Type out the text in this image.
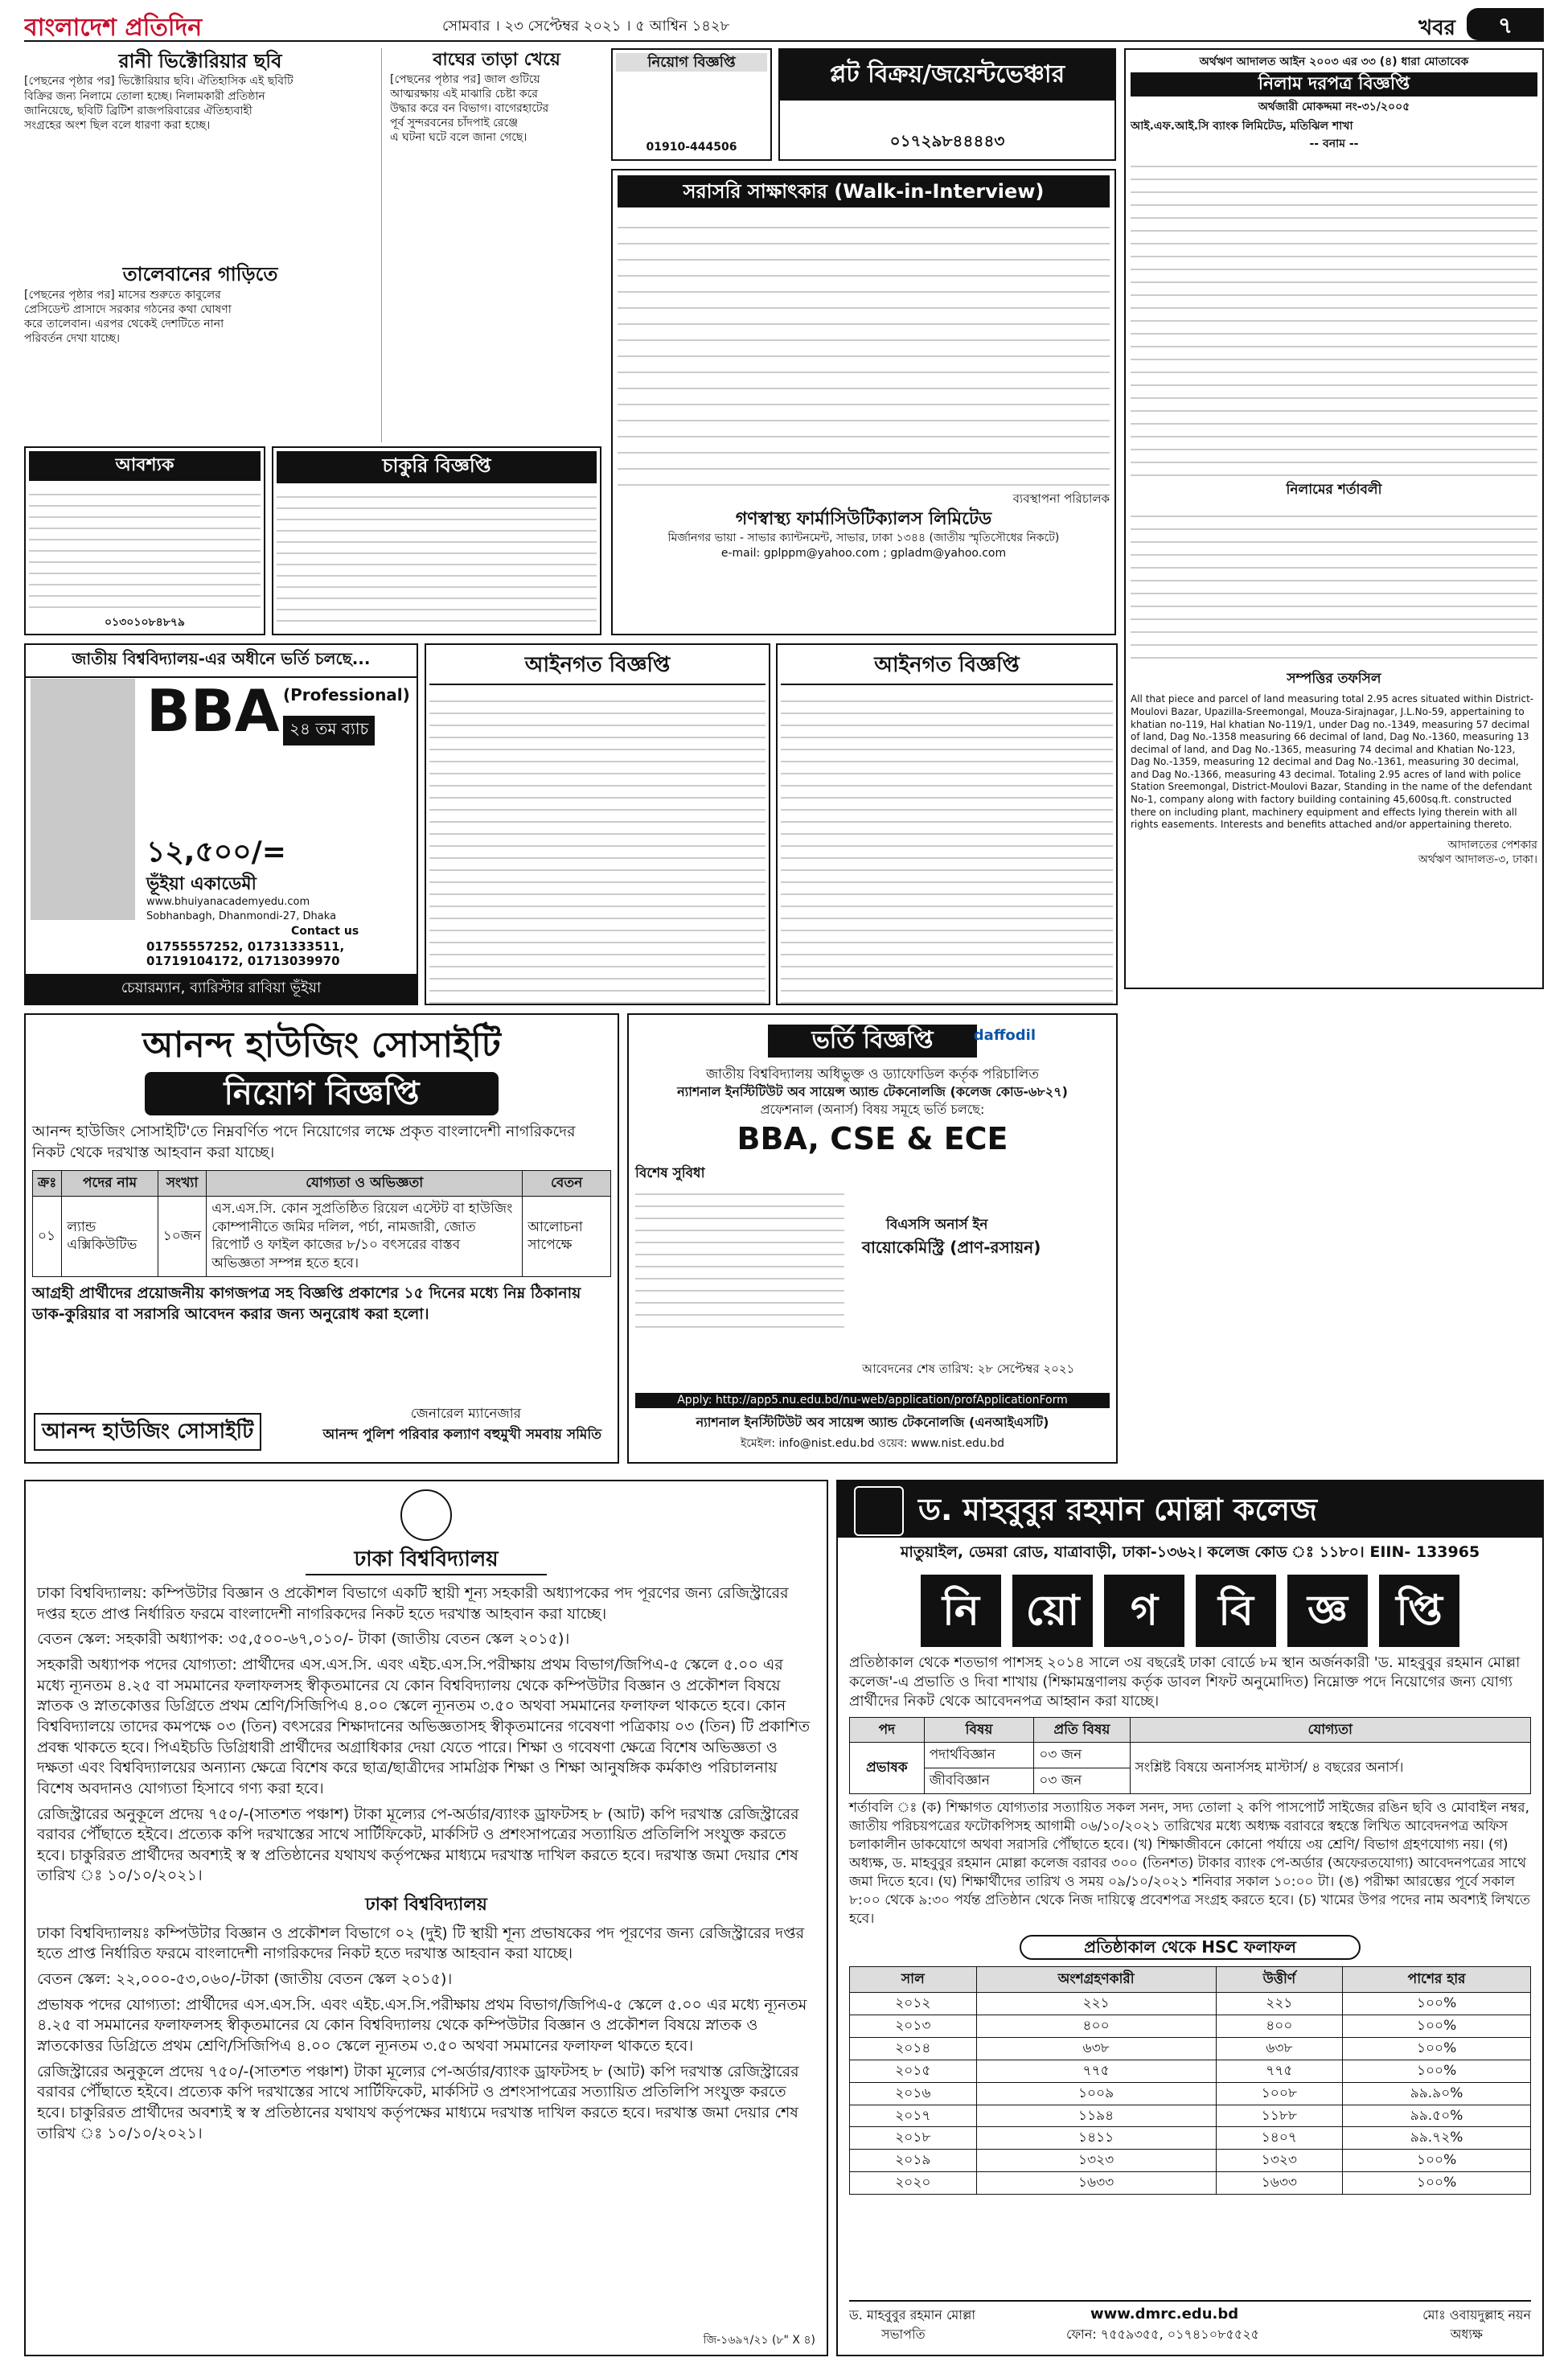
বাংলাদেশ প্রতিদিন	সোমবার । ২৩ সেপ্টেম্বর ২০২১ । ৫ আশ্বিন ১৪২৮	খবর	৭
রানী ভিক্টোরিয়ার ছবি
[পেছনের পৃষ্ঠার পর] ভিক্টোরিয়ার ছবি। ঐতিহাসিক এই ছবিটি
বিক্রির জন্য নিলামে তোলা হচ্ছে। নিলামকারী প্রতিষ্ঠান
জানিয়েছে, ছবিটি ব্রিটিশ রাজপরিবারের ঐতিহ্যবাহী
সংগ্রহের অংশ ছিল বলে ধারণা করা হচ্ছে।
তালেবানের গাড়িতে
[পেছনের পৃষ্ঠার পর] মাসের শুরুতে কাবুলের
প্রেসিডেন্ট প্রাসাদে সরকার গঠনের কথা ঘোষণা
করে তালেবান। এরপর থেকেই দেশটিতে নানা
পরিবর্তন দেখা যাচ্ছে।
বাঘের তাড়া খেয়ে
[পেছনের পৃষ্ঠার পর] জাল গুটিয়ে
আত্মরক্ষায় এই মাঝারি চেষ্টা করে
উদ্ধার করে বন বিভাগ। বাগেরহাটের
পূর্ব সুন্দরবনের চাঁদপাই রেঞ্জে
এ ঘটনা ঘটে বলে জানা গেছে।
নিয়োগ বিজ্ঞপ্তি
01910-444506
প্লট বিক্রয়/জয়েন্টভেঞ্চার
০১৭২৯৮৪৪৪৪৩
অর্থঋণ আদালত আইন ২০০৩ এর ৩৩ (৪) ধারা মোতাবেক
নিলাম দরপত্র বিজ্ঞপ্তি
অর্থজারী মোকদ্দমা নং-৩১/২০০৫
আই.এফ.আই.সি ব্যাংক লিমিটেড, মতিঝিল শাখা
-- বনাম --
নিলামের শর্তাবলী
সম্পত্তির তফসিল
All that piece and parcel of land measuring total 2.95 acres situated within District-Moulovi Bazar, Upazilla-Sreemongal, Mouza-Sirajnagar, J.L.No-59, appertaining to khatian no-119, Hal khatian No-119/1, under Dag no.-1349, measuring 57 decimal of land, Dag No.-1358 measuring 66 decimal of land, Dag No.-1360, measuring 13 decimal of land, and Dag No.-1365, measuring 74 decimal and Khatian No-123, Dag No.-1359, measuring 12 decimal and Dag No.-1361, measuring 30 decimal, and Dag No.-1366, measuring 43 decimal. Totaling 2.95 acres of land with police Station Sreemongal, District-Moulovi Bazar, Standing in the name of the defendant No-1, company along with factory building containing 45,600sq.ft. constructed there on including plant, machinery equipment and effects lying therein with all rights easements. Interests and benefits attached and/or appertaining thereto.
আদালতের পেশকার
অর্থঋণ আদালত-৩, ঢাকা।
আবশ্যক
০১৩০১০৮৪৮৭৯
চাকুরি বিজ্ঞপ্তি
সরাসরি সাক্ষাৎকার (Walk-in-Interview)
ব্যবস্থাপনা পরিচালক
গণস্বাস্থ্য ফার্মাসিউটিক্যালস লিমিটেড
মির্জানগর ভায়া - সাভার ক্যান্টনমেন্ট, সাভার, ঢাকা ১৩৪৪ (জাতীয় স্মৃতিসৌধের নিকটে)
e-mail: gplppm@yahoo.com ; gpladm@yahoo.com
জাতীয় বিশ্ববিদ্যালয়-এর অধীনে ভর্তি চলছে...
BBA (Professional)
২৪ তম ব্যাচ
১২,৫০০/=
ভূঁইয়া একাডেমী
www.bhuiyanacademyedu.com
Sobhanbagh, Dhanmondi-27, Dhaka
Contact us
01755557252, 01731333511, 01719104172, 01713039970
চেয়ারম্যান, ব্যারিস্টার রাবিয়া ভূঁইয়া
আইনগত বিজ্ঞপ্তি	আইনগত বিজ্ঞপ্তি
আনন্দ হাউজিং সোসাইটি
নিয়োগ বিজ্ঞপ্তি
আনন্দ হাউজিং সোসাইটি'তে নিম্নবর্ণিত পদে নিয়োগের লক্ষে প্রকৃত বাংলাদেশী নাগরিকদের নিকট থেকে দরখাস্ত আহবান করা যাচ্ছে।
ক্রঃ	পদের নাম	সংখ্যা	যোগ্যতা ও অভিজ্ঞতা	বেতন
০১	ল্যান্ড এক্সিকিউটিভ	১০জন	এস.এস.সি. কোন সুপ্রতিষ্ঠিত রিয়েল এস্টেট বা হাউজিং কোম্পানীতে জমির দলিল, পর্চা, নামজারী, জোত রিপোর্ট ও ফাইল কাজের ৮/১০ বৎসরের বাস্তব অভিজ্ঞতা সম্পন্ন হতে হবে।	আলোচনা সাপেক্ষে
আগ্রহী প্রার্থীদের প্রয়োজনীয় কাগজপত্র সহ বিজ্ঞপ্তি প্রকাশের ১৫ দিনের মধ্যে নিম্ন ঠিকানায় ডাক-কুরিয়ার বা সরাসরি আবেদন করার জন্য অনুরোধ করা হলো।
আনন্দ হাউজিং সোসাইটি
জেনারেল ম্যানেজার
আনন্দ পুলিশ পরিবার কল্যাণ বহুমুখী সমবায় সমিতি
ভর্তি বিজ্ঞপ্তি	daffodil
জাতীয় বিশ্ববিদ্যালয় অধিভুক্ত ও ড্যাফোডিল কর্তৃক পরিচালিত
ন্যাশনাল ইনস্টিটিউট অব সায়েন্স অ্যান্ড টেকনোলজি (কলেজ কোড-৬৮২৭)
প্রফেশনাল (অনার্স) বিষয় সমূহে ভর্তি চলছে:
BBA, CSE & ECE
বিশেষ সুবিধা
বিএসসি অনার্স ইন
বায়োকেমিস্ট্রি (প্রাণ-রসায়ন)
আবেদনের শেষ তারিখ: ২৮ সেপ্টেম্বর ২০২১
Apply: http://app5.nu.edu.bd/nu-web/application/profApplicationForm
ন্যাশনাল ইনস্টিটিউট অব সায়েন্স অ্যান্ড টেকনোলজি (এনআইএসটি)
ইমেইল: info@nist.edu.bd ওয়েব: www.nist.edu.bd
ঢাকা বিশ্ববিদ্যালয়

ঢাকা বিশ্ববিদ্যালয়: কম্পিউটার বিজ্ঞান ও প্রকৌশল বিভাগে একটি স্থায়ী শূন্য সহকারী অধ্যাপকের পদ পূরণের জন্য রেজিস্ট্রারের দপ্তর হতে প্রাপ্ত নির্ধারিত ফরমে বাংলাদেশী নাগরিকদের নিকট হতে দরখাস্ত আহবান করা যাচ্ছে।

বেতন স্কেল: সহকারী অধ্যাপক: ৩৫,৫০০-৬৭,০১০/- টাকা (জাতীয় বেতন স্কেল ২০১৫)।

সহকারী অধ্যাপক পদের যোগ্যতা: প্রার্থীদের এস.এস.সি. এবং এইচ.এস.সি.পরীক্ষায় প্রথম বিভাগ/জিপিএ-৫ স্কেলে ৫.০০ এর মধ্যে ন্যূনতম ৪.২৫ বা সমমানের ফলাফলসহ স্বীকৃতমানের যে কোন বিশ্ববিদ্যালয় থেকে কম্পিউটার বিজ্ঞান ও প্রকৌশল বিষয়ে স্নাতক ও স্নাতকোত্তর ডিগ্রিতে প্রথম শ্রেণি/সিজিপিএ ৪.০০ স্কেলে ন্যূনতম ৩.৫০ অথবা সমমানের ফলাফল থাকতে হবে। কোন বিশ্ববিদ্যালয়ে তাদের কমপক্ষে ০৩ (তিন) বৎসরের শিক্ষাদানের অভিজ্ঞতাসহ স্বীকৃতমানের গবেষণা পত্রিকায় ০৩ (তিন) টি প্রকাশিত প্রবন্ধ থাকতে হবে। পিএইচডি ডিগ্রিধারী প্রার্থীদের অগ্রাধিকার দেয়া যেতে পারে। শিক্ষা ও গবেষণা ক্ষেত্রে বিশেষ অভিজ্ঞতা ও দক্ষতা এবং বিশ্ববিদ্যালয়ের অন্যান্য ক্ষেত্রে বিশেষ করে ছাত্র/ছাত্রীদের সামগ্রিক শিক্ষা ও শিক্ষা আনুষঙ্গিক কর্মকাণ্ড পরিচালনায় বিশেষ অবদানও যোগ্যতা হিসাবে গণ্য করা হবে।

রেজিস্ট্রারের অনুকূলে প্রদেয় ৭৫০/-(সাতশত পঞ্চাশ) টাকা মূল্যের পে-অর্ডার/ব্যাংক ড্রাফটসহ ৮ (আট) কপি দরখাস্ত রেজিস্ট্রারের বরাবর পৌঁছাতে হইবে। প্রত্যেক কপি দরখাস্তের সাথে সার্টিফিকেট, মার্কসিট ও প্রশংসাপত্রের সত্যায়িত প্রতিলিপি সংযুক্ত করতে হবে। চাকুরিরত প্রার্থীদের অবশ্যই স্ব স্ব প্রতিষ্ঠানের যথাযথ কর্তৃপক্ষের মাধ্যমে দরখাস্ত দাখিল করতে হবে। দরখাস্ত জমা দেয়ার শেষ তারিখ ঃ ১০/১০/২০২১।

ঢাকা বিশ্ববিদ্যালয়

ঢাকা বিশ্ববিদ্যালয়ঃ কম্পিউটার বিজ্ঞান ও প্রকৌশল বিভাগে ০২ (দুই) টি স্থায়ী শূন্য প্রভাষকের পদ পূরণের জন্য রেজিস্ট্রারের দপ্তর হতে প্রাপ্ত নির্ধারিত ফরমে বাংলাদেশী নাগরিকদের নিকট হতে দরখাস্ত আহবান করা যাচ্ছে।

বেতন স্কেল: ২২,০০০-৫৩,০৬০/-টাকা (জাতীয় বেতন স্কেল ২০১৫)।

প্রভাষক পদের যোগ্যতা: প্রার্থীদের এস.এস.সি. এবং এইচ.এস.সি.পরীক্ষায় প্রথম বিভাগ/জিপিএ-৫ স্কেলে ৫.০০ এর মধ্যে ন্যূনতম ৪.২৫ বা সমমানের ফলাফলসহ স্বীকৃতমানের যে কোন বিশ্ববিদ্যালয় থেকে কম্পিউটার বিজ্ঞান ও প্রকৌশল বিষয়ে স্নাতক ও স্নাতকোত্তর ডিগ্রিতে প্রথম শ্রেণি/সিজিপিএ ৪.০০ স্কেলে ন্যূনতম ৩.৫০ অথবা সমমানের ফলাফল থাকতে হবে।

রেজিস্ট্রারের অনুকূলে প্রদেয় ৭৫০/-(সাতশত পঞ্চাশ) টাকা মূল্যের পে-অর্ডার/ব্যাংক ড্রাফটসহ ৮ (আট) কপি দরখাস্ত রেজিস্ট্রারের বরাবর পৌঁছাতে হইবে। প্রত্যেক কপি দরখাস্তের সাথে সার্টিফিকেট, মার্কসিট ও প্রশংসাপত্রের সত্যায়িত প্রতিলিপি সংযুক্ত করতে হবে। চাকুরিরত প্রার্থীদের অবশ্যই স্ব স্ব প্রতিষ্ঠানের যথাযথ কর্তৃপক্ষের মাধ্যমে দরখাস্ত দাখিল করতে হবে। দরখাস্ত জমা দেয়ার শেষ তারিখ ঃ ১০/১০/২০২১।

জি-১৬৯৭/২১ (৮" X ৪)
ড. মাহবুবুর রহমান মোল্লা কলেজ
মাতুয়াইল, ডেমরা রোড, যাত্রাবাড়ী, ঢাকা-১৩৬২। কলেজ কোড ঃ ১১৮০। EIIN- 133965
নি	য়ো	গ	বি	জ্ঞ	প্তি

প্রতিষ্ঠাকাল থেকে শতভাগ পাশসহ ২০১৪ সালে ৩য় বছরেই ঢাকা বোর্ডে ৮ম স্থান অর্জনকারী 'ড. মাহবুবুর রহমান মোল্লা কলেজ'-এ প্রভাতি ও দিবা শাখায় (শিক্ষামন্ত্রণালয় কর্তৃক ডাবল শিফট অনুমোদিত) নিম্নোক্ত পদে নিয়োগের জন্য যোগ্য প্রার্থীদের নিকট থেকে আবেদনপত্র আহ্বান করা যাচ্ছে।

পদ	বিষয়	প্রতি বিষয়	যোগ্যতা
প্রভাষক	পদার্থবিজ্ঞান	০৩ জন	সংশ্লিষ্ট বিষয়ে অনার্সসহ মাস্টার্স/ ৪ বছরের অনার্স।
	জীববিজ্ঞান	০৩ জন	

শর্তাবলি ঃ (ক) শিক্ষাগত যোগ্যতার সত্যায়িত সকল সনদ, সদ্য তোলা ২ কপি পাসপোর্ট সাইজের রঙিন ছবি ও মোবাইল নম্বর, জাতীয় পরিচয়পত্রের ফটোকপিসহ আগামী ০৬/১০/২০২১ তারিখের মধ্যে অধ্যক্ষ বরাবরে স্বহস্তে লিখিত আবেদনপত্র অফিস চলাকালীন ডাকযোগে অথবা সরাসরি পৌঁছাতে হবে। (খ) শিক্ষাজীবনে কোনো পর্যায়ে ৩য় শ্রেণি/ বিভাগ গ্রহণযোগ্য নয়। (গ) অধ্যক্ষ, ড. মাহবুবুর রহমান মোল্লা কলেজ বরাবর ৩০০ (তিনশত) টাকার ব্যাংক পে-অর্ডার (অফেরতযোগ্য) আবেদনপত্রের সাথে জমা দিতে হবে। (ঘ) শিক্ষার্থীদের তারিখ ও সময় ০৯/১০/২০২১ শনিবার সকাল ১০:০০ টা। (ঙ) পরীক্ষা আরম্ভের পূর্বে সকাল ৮:০০ থেকে ৯:৩০ পর্যন্ত প্রতিষ্ঠান থেকে নিজ দায়িত্বে প্রবেশপত্র সংগ্রহ করতে হবে। (চ) খামের উপর পদের নাম অবশ্যই লিখতে হবে।

প্রতিষ্ঠাকাল থেকে HSC ফলাফল
সাল	অংশগ্রহণকারী	উত্তীর্ণ	পাশের হার
২০১২	২২১	২২১	১০০%
২০১৩	৪০০	৪০০	১০০%
২০১৪	৬৩৮	৬৩৮	১০০%
২০১৫	৭৭৫	৭৭৫	১০০%
২০১৬	১০০৯	১০০৮	৯৯.৯০%
২০১৭	১১৯৪	১১৮৮	৯৯.৫০%
২০১৮	১৪১১	১৪০৭	৯৯.৭২%
২০১৯	১৩২৩	১৩২৩	১০০%
২০২০	১৬৩৩	১৬৩৩	১০০%
ড. মাহবুবুর রহমান মোল্লা
সভাপতি
www.dmrc.edu.bd
ফোন: ৭৫৫৯৩৫৫, ০১৭৪১০৮৫৫২৫
মোঃ ওবায়দুল্লাহ নয়ন
অধ্যক্ষ
